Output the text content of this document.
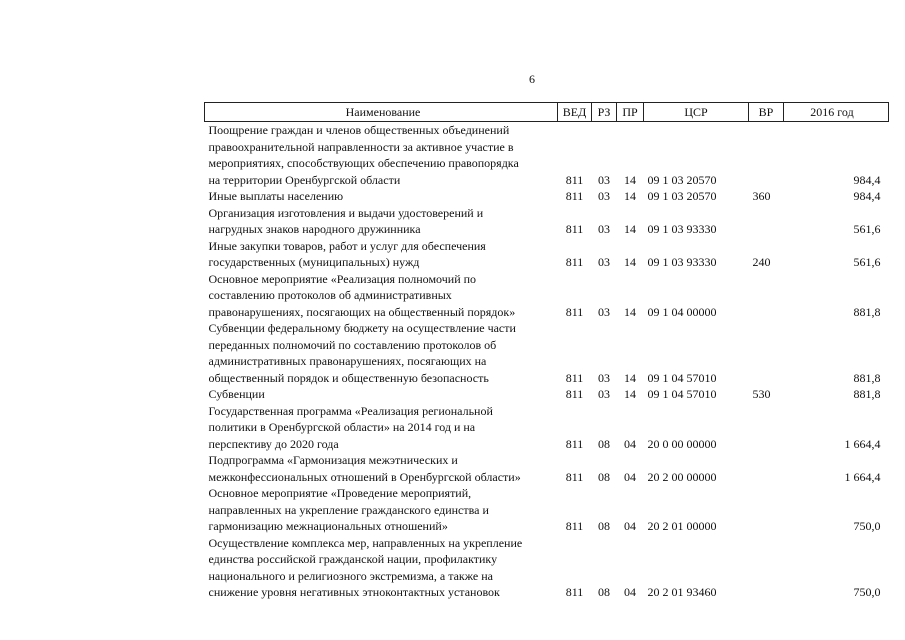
6
Наименование	ВЕД	РЗ	ПР	ЦСР	ВР	2016 год

Поощрение граждан и членов общественных объединений
правоохранительной направленности за активное участие в
мероприятиях, способствующих обеспечению правопорядка
на территории Оренбургской области	811	03	14	09 1 03 20570		984,4

Иные выплаты населению	811	03	14	09 1 03 20570	360	984,4

Организация изготовления и выдачи удостоверений и
нагрудных знаков народного дружинника	811	03	14	09 1 03 93330		561,6

Иные закупки товаров, работ и услуг для обеспечения
государственных (муниципальных) нужд	811	03	14	09 1 03 93330	240	561,6

Основное мероприятие «Реализация полномочий по
составлению протоколов об административных
правонарушениях, посягающих на общественный порядок»	811	03	14	09 1 04 00000		881,8

Субвенции федеральному бюджету на осуществление части
переданных полномочий по составлению протоколов об
административных правонарушениях, посягающих на
общественный порядок и общественную безопасность	811	03	14	09 1 04 57010		881,8

Субвенции	811	03	14	09 1 04 57010	530	881,8

Государственная программа «Реализация региональной
политики в Оренбургской области» на 2014 год и на
перспективу до 2020 года	811	08	04	20 0 00 00000		1 664,4

Подпрограмма «Гармонизация межэтнических и
межконфессиональных отношений в Оренбургской области»	811	08	04	20 2 00 00000		1 664,4

Основное мероприятие «Проведение мероприятий,
направленных на укрепление гражданского единства и
гармонизацию межнациональных отношений»	811	08	04	20 2 01 00000		750,0

Осуществление комплекса мер, направленных на укрепление
единства российской гражданской нации, профилактику
национального и религиозного экстремизма, а также на
снижение уровня негативных этноконтактных установок	811	08	04	20 2 01 93460		750,0
